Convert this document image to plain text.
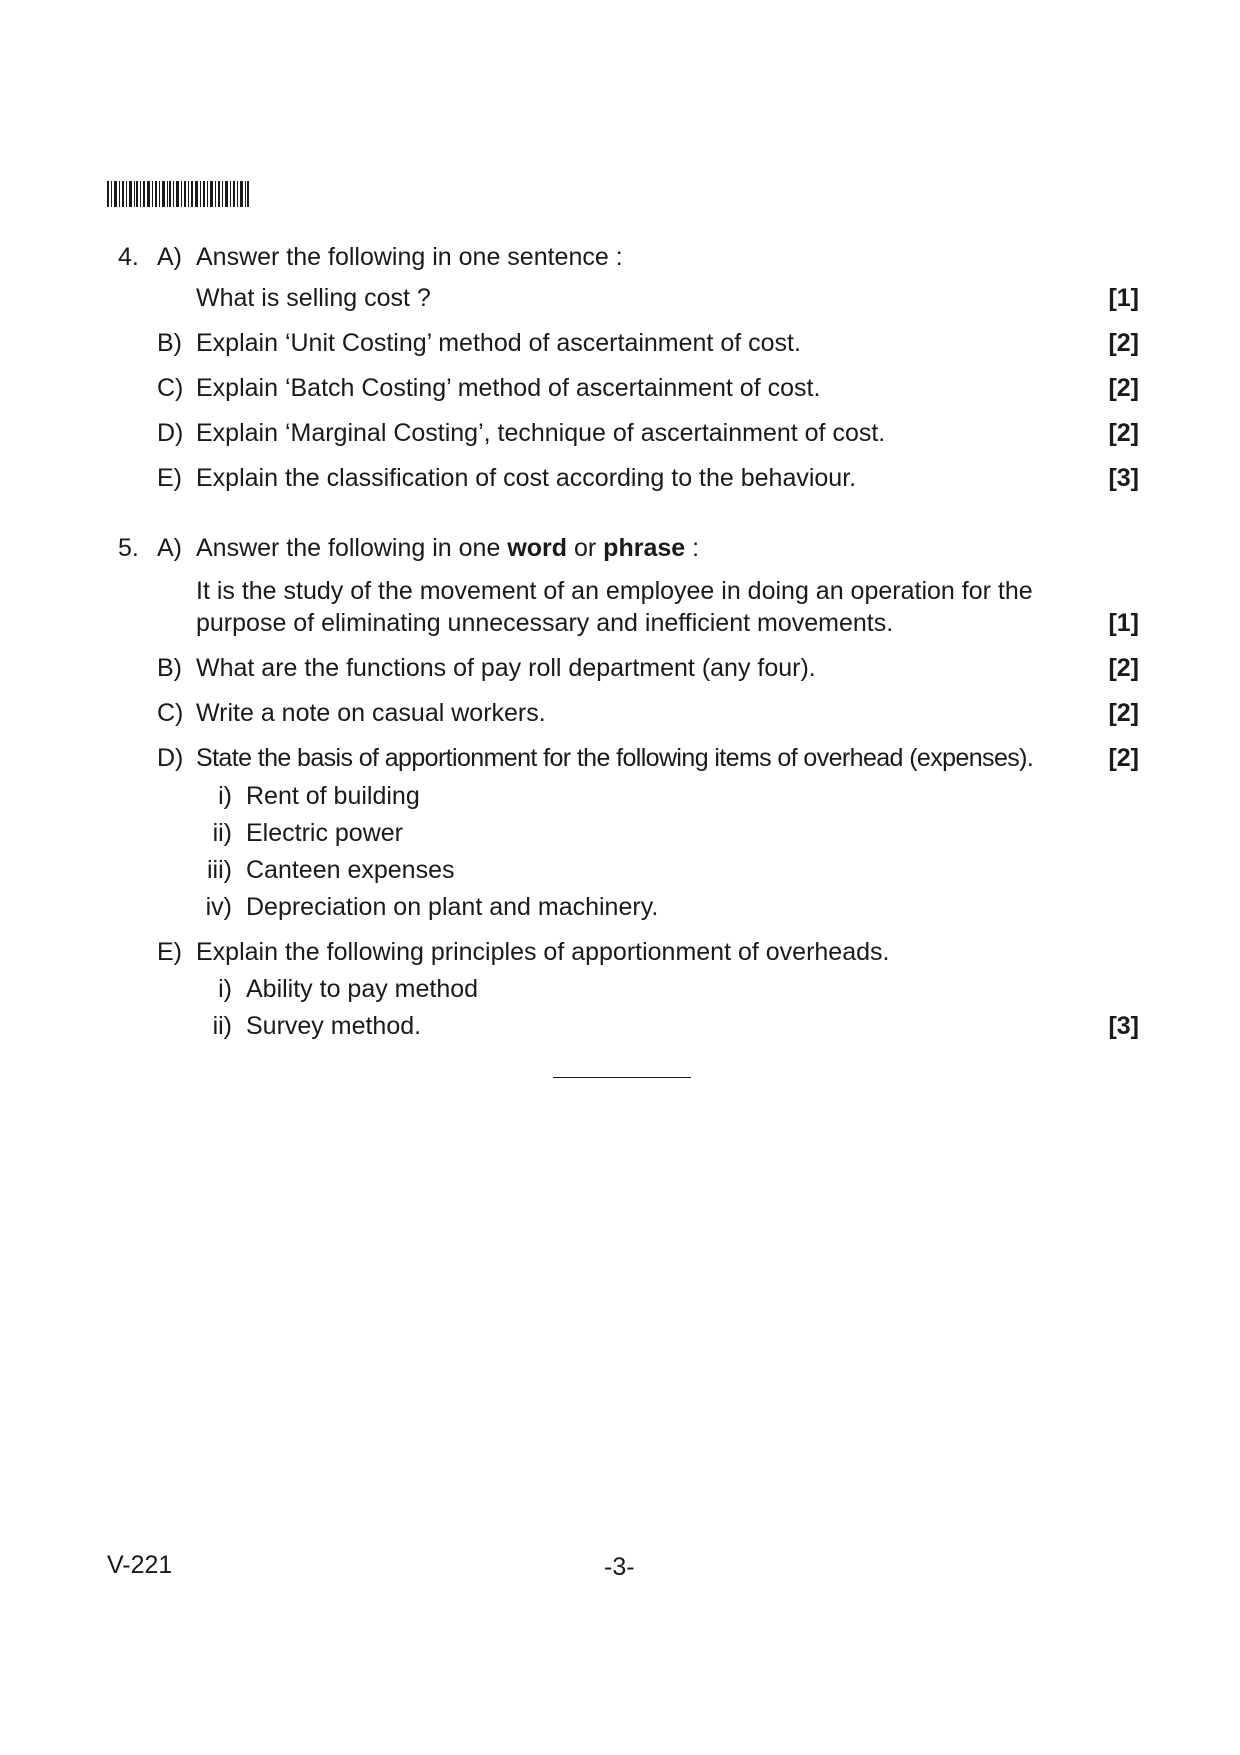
4. A) Answer the following in one sentence :
What is selling cost ?	[1]
B) Explain ‘Unit Costing’ method of ascertainment of cost.	[2]
C) Explain ‘Batch Costing’ method of ascertainment of cost.	[2]
D) Explain ‘Marginal Costing’, technique of ascertainment of cost.	[2]
E) Explain the classification of cost according to the behaviour.	[3]
5. A) Answer the following in one word or phrase :
It is the study of the movement of an employee in doing an operation for the
purpose of eliminating unnecessary and inefficient movements.	[1]
B) What are the functions of pay roll department (any four).	[2]
C) Write a note on casual workers.	[2]
D) State the basis of apportionment for the following items of overhead (expenses).	[2]
i) Rent of building
ii) Electric power
iii) Canteen expenses
iv) Depreciation on plant and machinery.
E) Explain the following principles of apportionment of overheads.
i) Ability to pay method
ii) Survey method.	[3]
V-221	-3-
